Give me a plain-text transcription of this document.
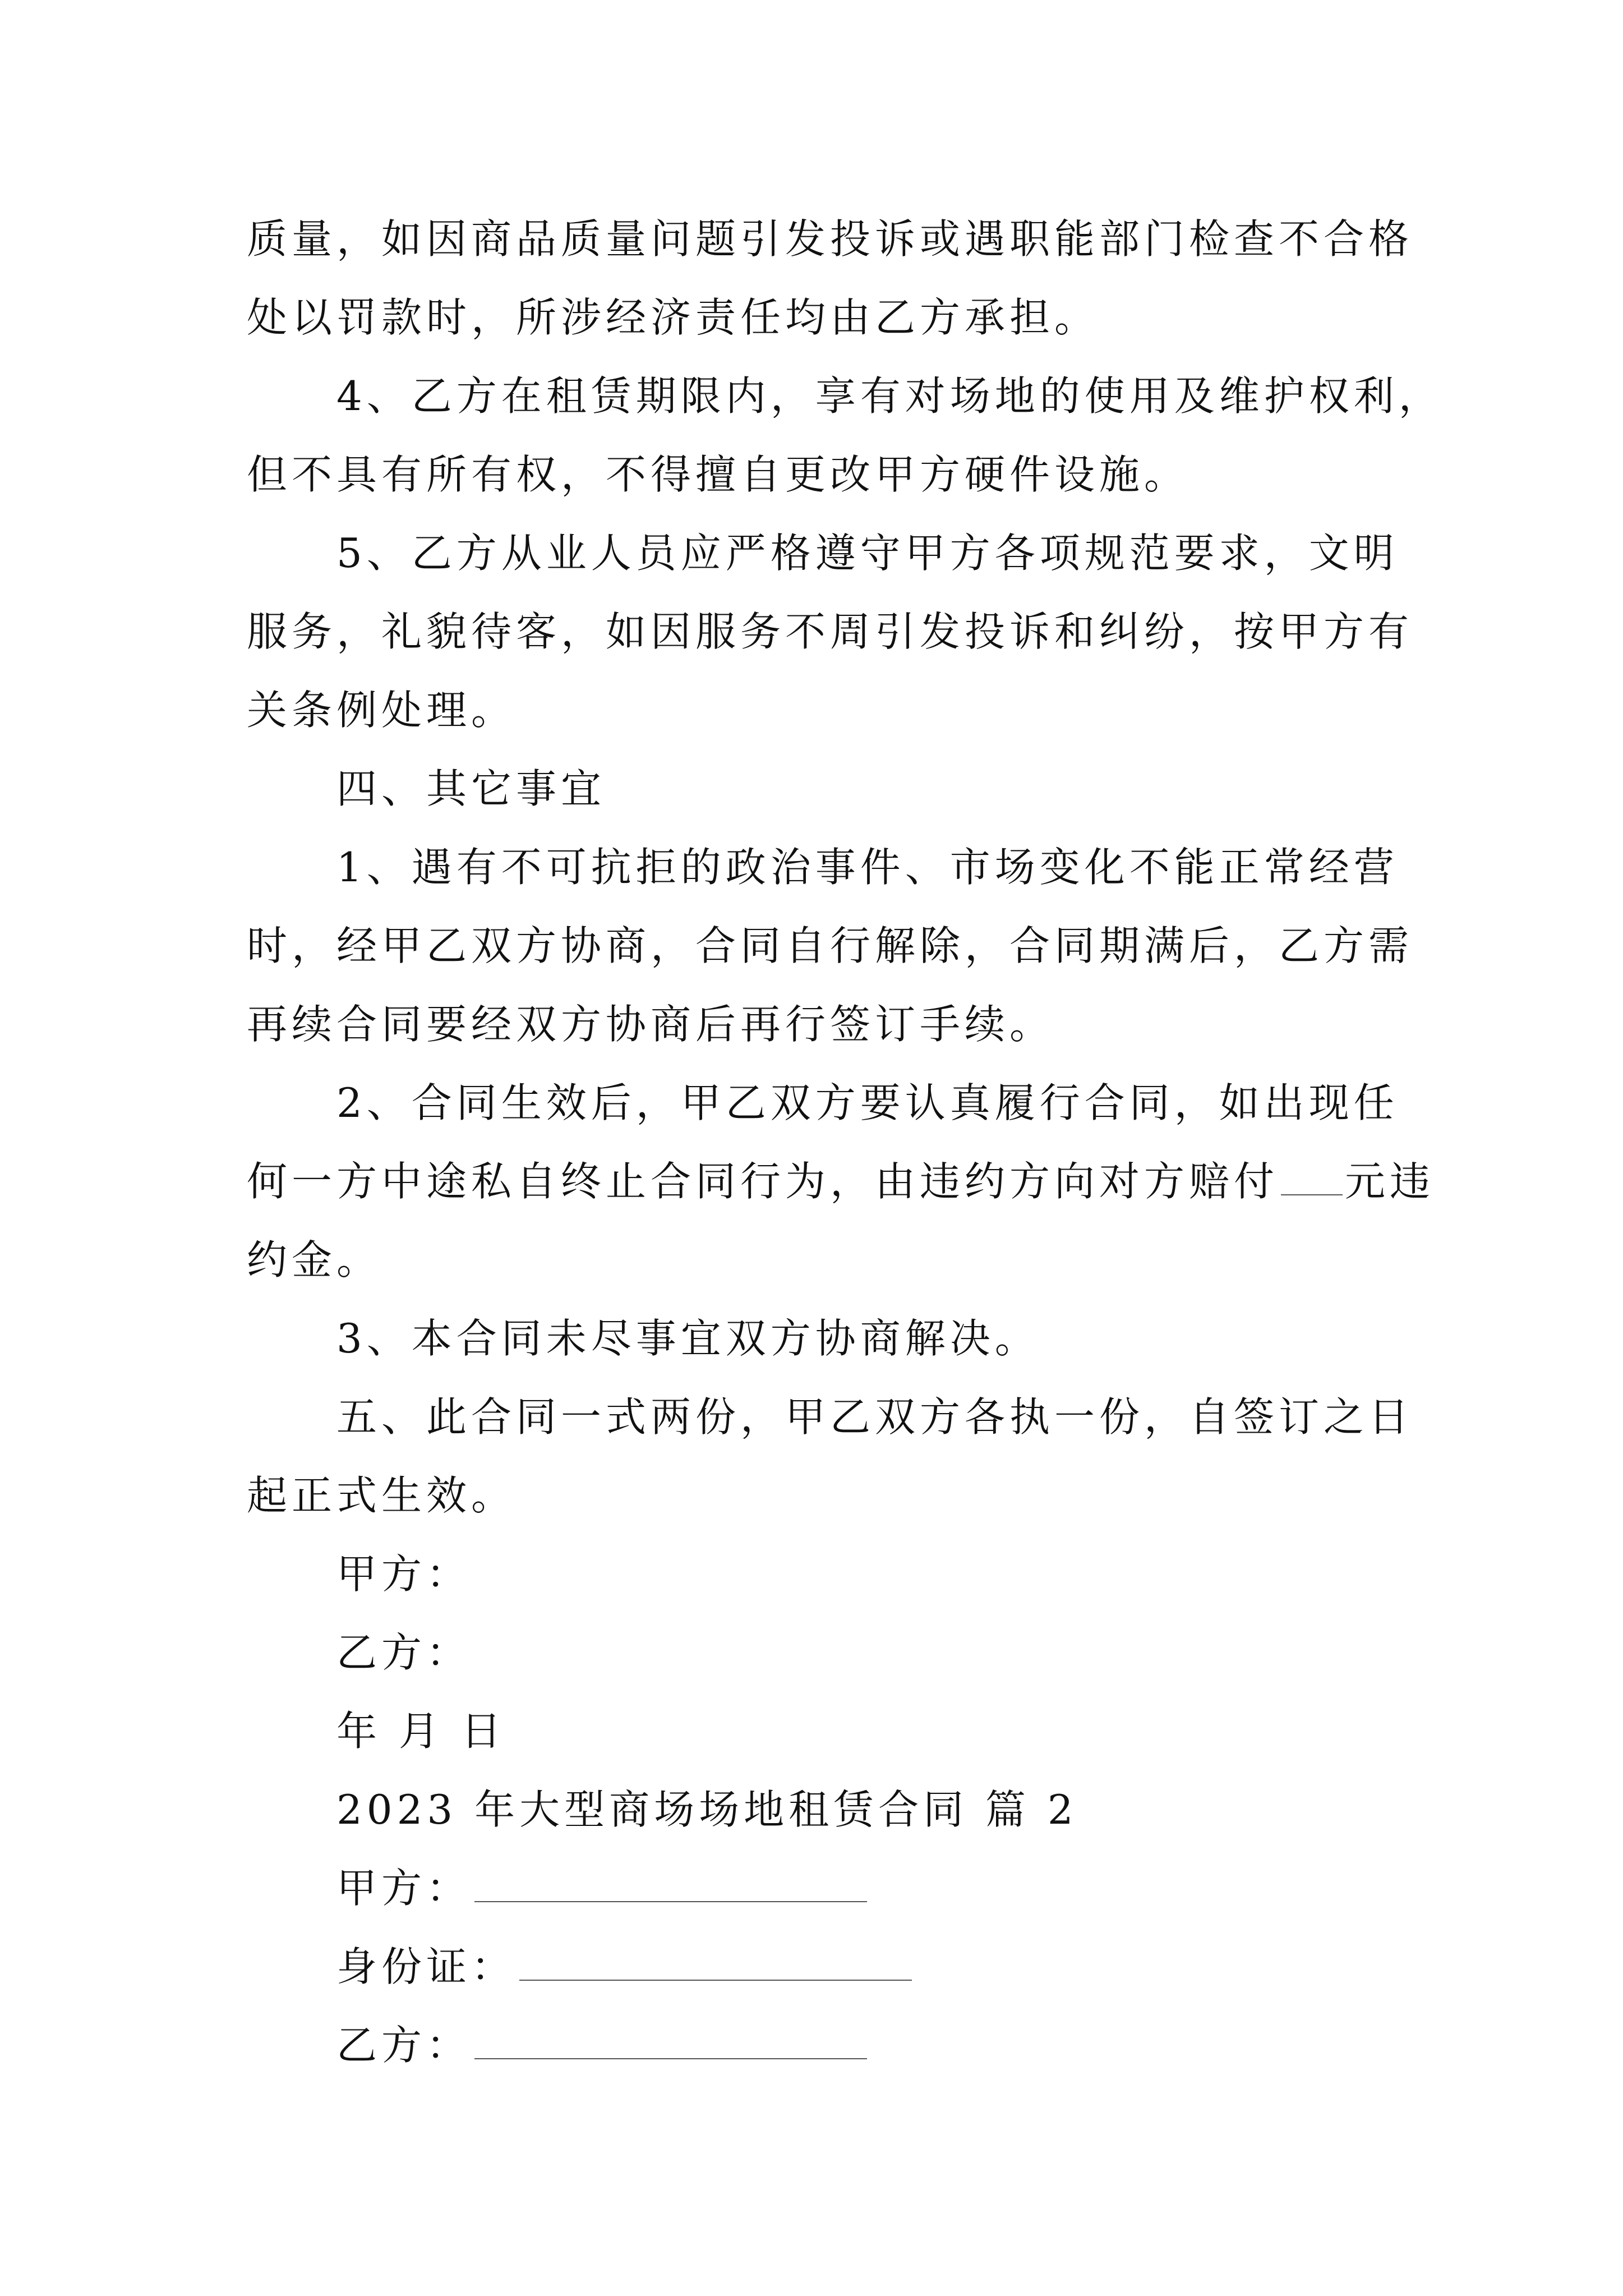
质量，如因商品质量问题引发投诉或遇职能部门检查不合格
处以罚款时，所涉经济责任均由乙方承担。
4、乙方在租赁期限内，享有对场地的使用及维护权利，
但不具有所有权，不得擅自更改甲方硬件设施。
5、乙方从业人员应严格遵守甲方各项规范要求，文明
服务，礼貌待客，如因服务不周引发投诉和纠纷，按甲方有
关条例处理。
四、其它事宜
1、遇有不可抗拒的政治事件、市场变化不能正常经营
时，经甲乙双方协商，合同自行解除，合同期满后，乙方需
再续合同要经双方协商后再行签订手续。
2、合同生效后，甲乙双方要认真履行合同，如出现任
何一方中途私自终止合同行为，由违约方向对方赔付 元违
约金。
3、本合同未尽事宜双方协商解决。
五、此合同一式两份，甲乙双方各执一份，自签订之日
起正式生效。
甲方：
乙方：
年 月 日
2023 年大型商场场地租赁合同 篇 2
甲方：
身份证：
乙方：
